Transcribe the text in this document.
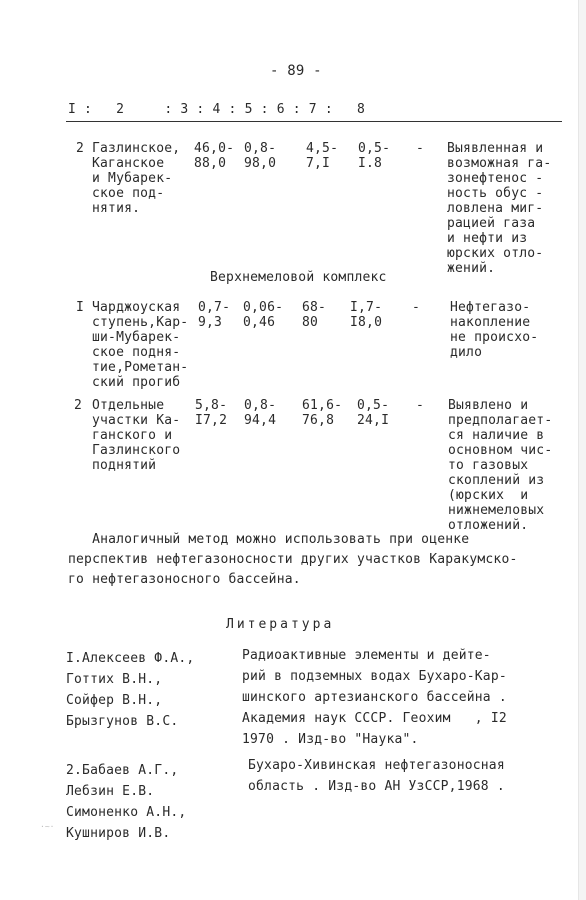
- 89 -
I :   2     : 3 : 4 : 5 : 6 : 7 :   8
2 Газлинское,
Каганское
и Мубарек-
ское под-
нятия.
46,0-
88,0
0,8-
98,0
4,5-
7,I
0,5-
I.8
- Выявленная и
возможная га-
зонефтенос -
ность обус -
ловлена миг-
рацией газа
и нефти из
юрских отло-
жений.
Верхнемеловой комплекс
I Чарджоуская
ступень,Кар-
ши-Мубарек-
ское подня-
тие,Рометан-
ский прогиб
0,7-
9,3
0,06-
0,46
68-
80
I,7-
I8,0
- Нефтегазо-
накопление
не происхо-
дило
2 Отдельные
участки Ка-
ганского и
Газлинского
поднятий
5,8-
I7,2
0,8-
94,4
61,6-
76,8
0,5-
24,I
- Выявлено и
предполагает-
ся наличие в
основном чис-
то газовых
скоплений из
(юрских  и
нижнемеловых
отложений.
Аналогичный метод можно использовать при оценке
перспектив нефтегазоносности других участков Каракумско-
го нефтегазоносного бассейна.
Литература
I.Алексеев Ф.А.,
Готтих В.Н.,
Сойфер В.Н.,
Брызгунов В.С.
Радиоактивные элементы и дейте-
рий в подземных водах Бухаро-Кар-
шинского артезианского бассейна .
Академия наук СССР. Геохим   , I2
1970 . Изд-во "Наука".
2.Бабаев А.Г.,
Лебзин Е.В.
Симоненко А.Н.,
Кушниров И.В.
Бухаро-Хивинская нефтегазоносная
область . Изд-во АН УзССР,1968 .
·~·
